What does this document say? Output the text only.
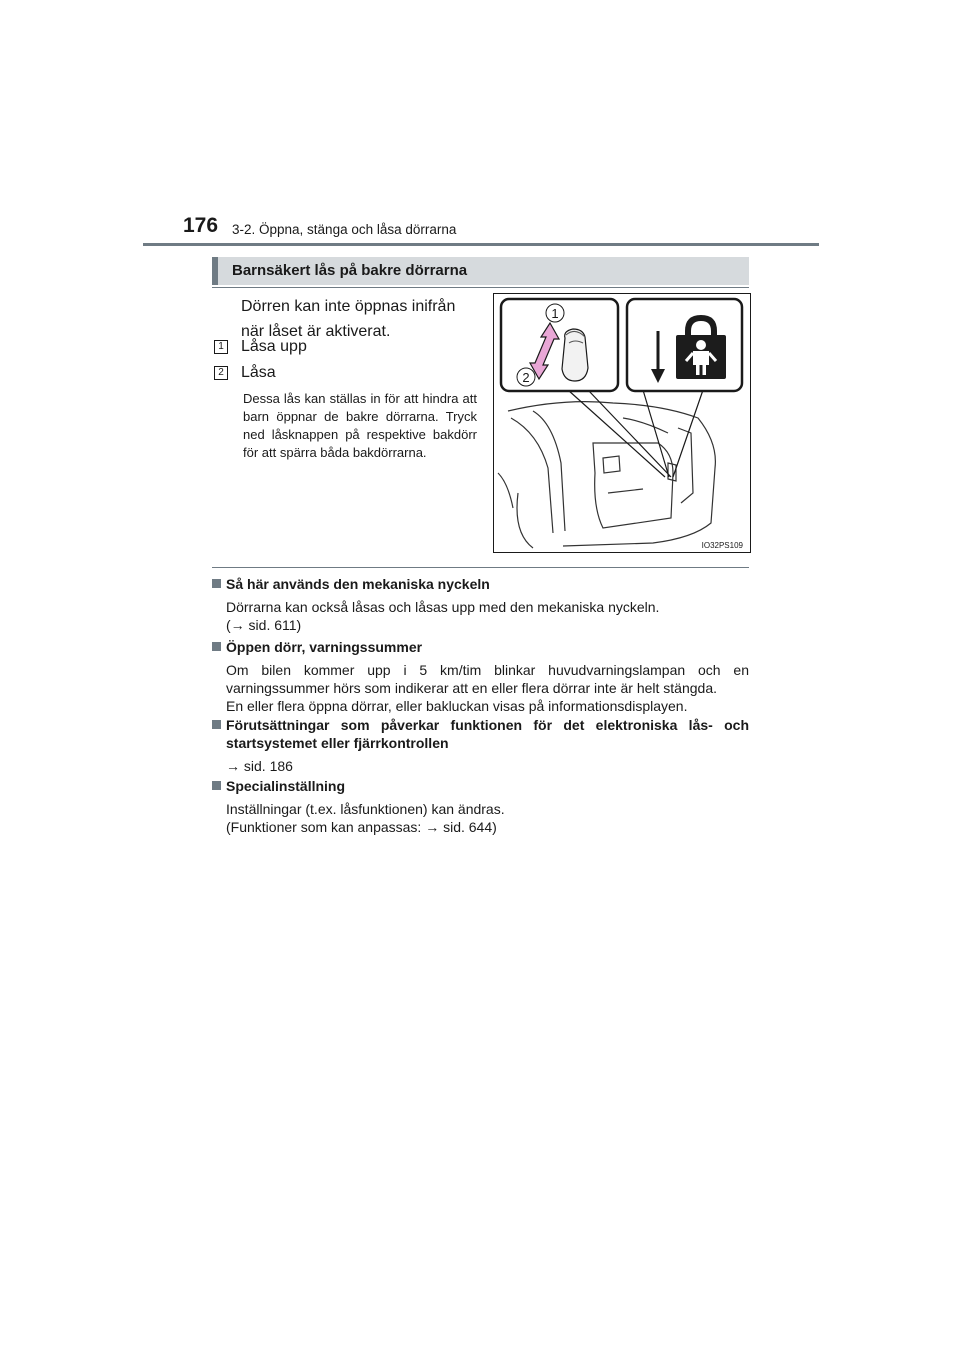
176 3-2. Öppna, stänga och låsa dörrarna
Barnsäkert lås på bakre dörrarna
Dörren kan inte öppnas inifrån när låset är aktiverat.
1 Låsa upp
2 Låsa
Dessa lås kan ställas in för att hindra att barn öppnar de bakre dörrarna. Tryck ned låsknappen på respektive bakdörr för att spärra båda bakdörrarna.
1
2
IO32PS109
Så här används den mekaniska nyckeln
Dörrarna kan också låsas och låsas upp med den mekaniska nyckeln.
(→ sid. 611)
Öppen dörr, varningssummer
Om bilen kommer upp i 5 km/tim blinkar huvudvarningslampan och en varningssummer hörs som indikerar att en eller flera dörrar inte är helt stängda.
En eller flera öppna dörrar, eller bakluckan visas på informationsdisplayen.
Förutsättningar som påverkar funktionen för det elektroniska lås- och startsystemet eller fjärrkontrollen
→ sid. 186
Specialinställning
Inställningar (t.ex. låsfunktionen) kan ändras.
(Funktioner som kan anpassas: → sid. 644)
